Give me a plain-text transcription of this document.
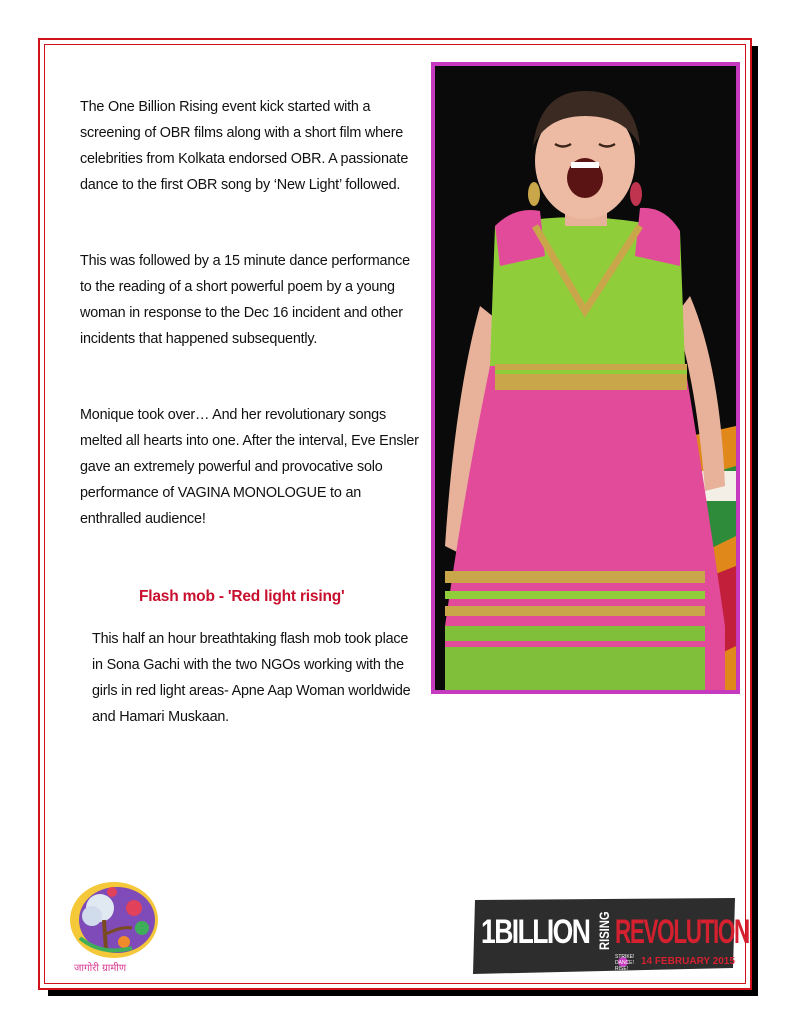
The One Billion Rising event kick started with a screening of OBR films along with a short film where celebrities from Kolkata endorsed OBR. A passionate dance to the first OBR song by ‘New Light’ followed.

This was followed by a 15 minute dance performance to the reading of a short powerful poem by a young woman in response to the Dec 16 incident and other incidents that happened subsequently.

Monique took over… And her revolutionary songs melted all hearts into one. After the interval, Eve Ensler gave an extremely powerful and provocative solo performance of VAGINA MONOLOGUE to an enthralled audience!

Flash mob - 'Red light rising'

This half an hour breathtaking flash mob took place in Sona Gachi with the two NGOs working with the girls in red light areas- Apne Aap Woman worldwide and Hamari Muskaan.

जागोरी ग्रामीण
1BILLION RISING REVOLUTION
STRIKE! DANCE! RISE!
14 FEBRUARY 2015
